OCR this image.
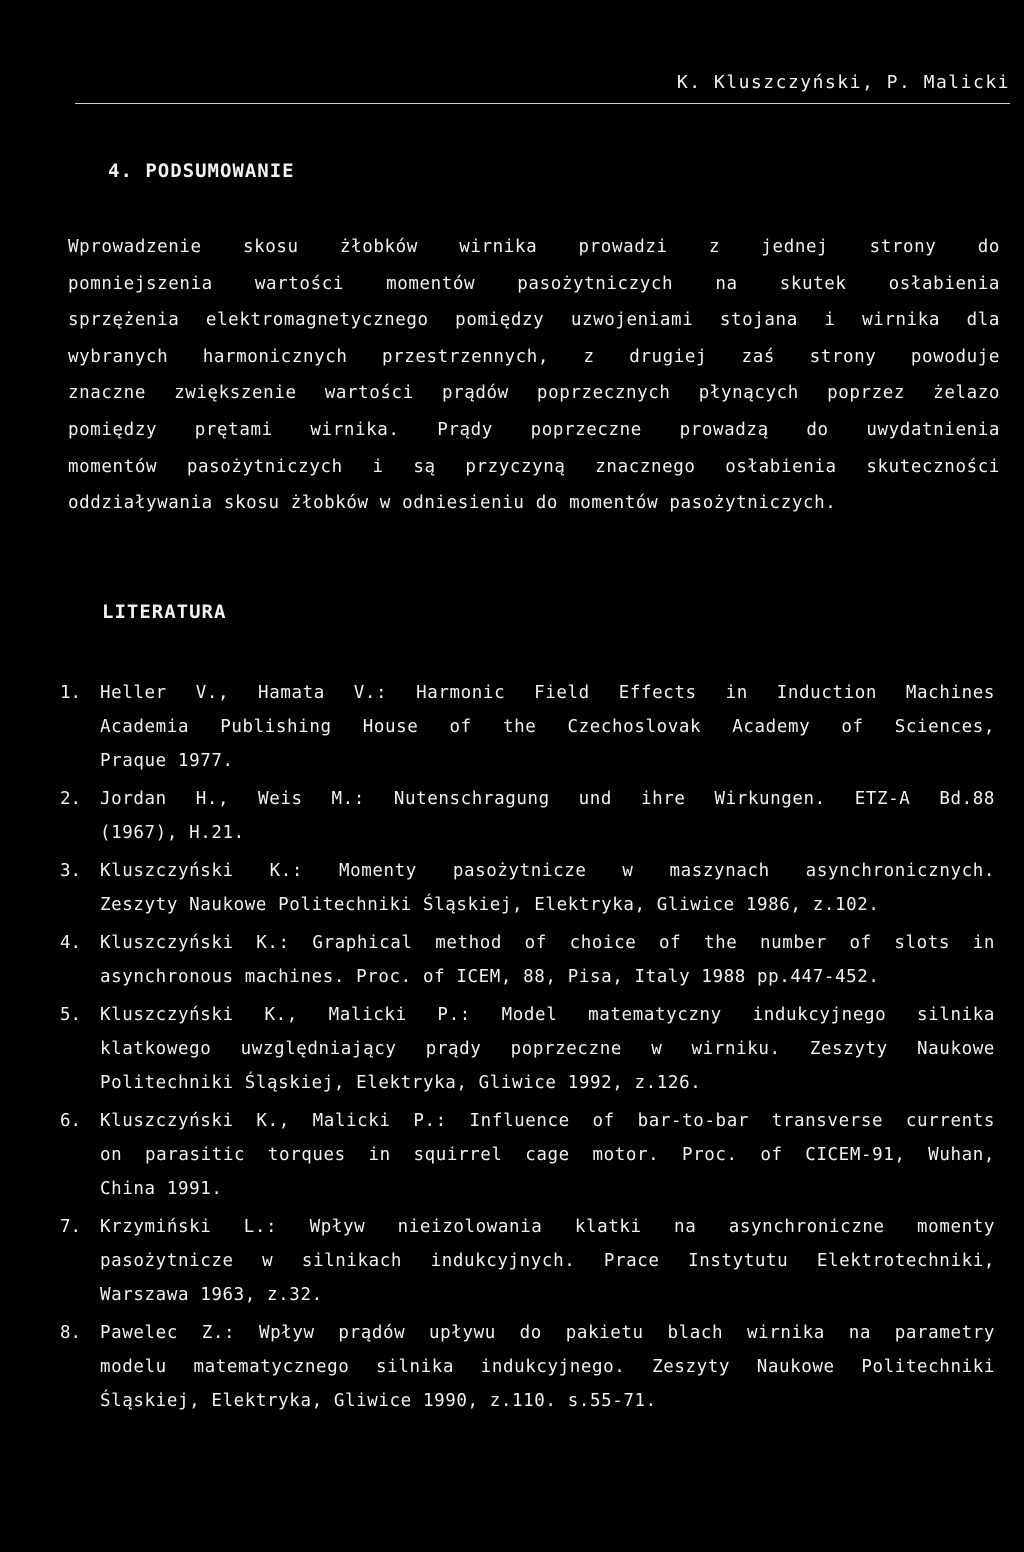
K. Kluszczyński, P. Malicki
4. PODSUMOWANIE
Wprowadzenie skosu żłobków wirnika prowadzi z jednej strony do
pomniejszenia wartości momentów pasożytniczych na skutek osłabienia
sprzężenia elektromagnetycznego pomiędzy uzwojeniami stojana i wirnika dla
wybranych harmonicznych przestrzennych, z drugiej zaś strony powoduje
znaczne zwiększenie wartości prądów poprzecznych płynących poprzez żelazo
pomiędzy prętami wirnika. Prądy poprzeczne prowadzą do uwydatnienia
momentów pasożytniczych i są przyczyną znacznego osłabienia skuteczności
oddziaływania skosu żłobków w odniesieniu do momentów pasożytniczych.
LITERATURA
1.	Heller V., Hamata V.: Harmonic Field Effects in Induction Machines
Academia Publishing House of the Czechoslovak Academy of Sciences,
Praque 1977.
2.	Jordan H., Weis M.: Nutenschragung und ihre Wirkungen. ETZ-A Bd.88
(1967), H.21.
3.	Kluszczyński K.: Momenty pasożytnicze w maszynach asynchronicznych.
Zeszyty Naukowe Politechniki Śląskiej, Elektryka, Gliwice 1986, z.102.
4.	Kluszczyński K.: Graphical method of choice of the number of slots in
asynchronous machines. Proc. of ICEM, 88, Pisa, Italy 1988 pp.447-452.
5.	Kluszczyński K., Malicki P.: Model matematyczny indukcyjnego silnika
klatkowego uwzględniający prądy poprzeczne w wirniku. Zeszyty Naukowe
Politechniki Śląskiej, Elektryka, Gliwice 1992, z.126.
6.	Kluszczyński K., Malicki P.: Influence of bar-to-bar transverse currents
on parasitic torques in squirrel cage motor. Proc. of CICEM-91, Wuhan,
China 1991.
7.	Krzymiński L.: Wpływ nieizolowania klatki na asynchroniczne momenty
pasożytnicze w silnikach indukcyjnych. Prace Instytutu Elektrotechniki,
Warszawa 1963, z.32.
8.	Pawelec Z.: Wpływ prądów upływu do pakietu blach wirnika na parametry
modelu matematycznego silnika indukcyjnego. Zeszyty Naukowe Politechniki
Śląskiej, Elektryka, Gliwice 1990, z.110. s.55-71.
